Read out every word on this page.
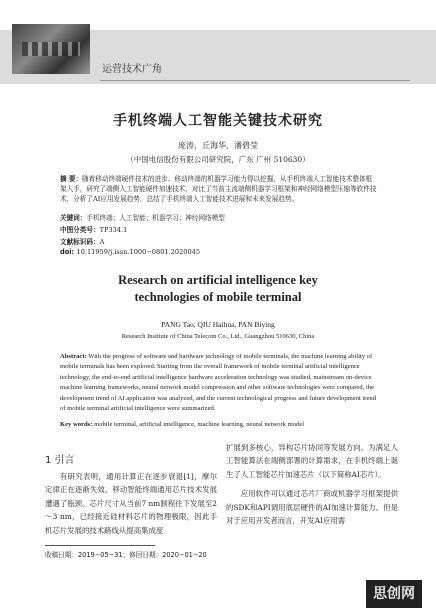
运营技术广角
手机终端人工智能关键技术研究
庞涛，丘海华，潘碧莹
（中国电信股份有限公司研究院，广东 广州 510630）
摘 要：随着移动终端硬件技术的进步、移动终端的机器学习能力得以挖掘，从手机终端人工智能技术整体框架入手，研究了端侧人工智能硬件加速技术，对比了当前主流端侧机器学习框架和神经网络模型压缩等软件技术，分析了AI应用发展趋势，总结了手机终端人工智能技术进展和未来发展趋势。
关键词：手机终端；人工智能；机器学习；神经网络模型
中图分类号：TP334.1
文献标识码：A
doi: 10.11959/j.issn.1000−0801.2020045
Research on artificial intelligence key
technologies of mobile terminal
PANG Tao, QIU Haihua, PAN Biying
Research Institute of China Telecom Co., Ltd., Guangzhou 510630, China
Abstract: With the progress of software and hardware technology of mobile terminals, the machine learning ability of mobile terminals has been explored. Starting from the overall framework of mobile terminal artificial intelligence technology, the end-to-end artificial intelligence hardware acceleration technology was studied, mainstream on-device machine learning frameworks, neural network model compression and other software technologies were compared, the development trend of AI application was analyzed, and the current technological progress and future development trend of mobile terminal artificial intelligence were summarized.
Key words: mobile terminal, artificial intelligence, machine learning, neural network model
1 引言

有研究表明，通用计算正在逐步衰退[1]，摩尔定律正在逐渐失效，移动智能终端通用芯片技术发展遭遇了瓶颈。芯片尺寸从当前7 nm制程往下发展至2～3 nm，已经接近硅材料芯片的物理极限，因此手机芯片发展的技术路线从提高集成度

扩展到多核心，异构芯片协同等发展方向。为满足人工智能算法在端侧部署的计算需求，在手机终端上诞生了人工智能芯片加速芯片（以下简称AI芯片）。

应用软件可以通过芯片厂商或机器学习框架提供的SDK和API调用底层硬件的AI加速计算能力。但是对于应用开发者而言，开发AI应用需

收稿日期：2019−05−31；修回日期：2020−01−20
思创网
